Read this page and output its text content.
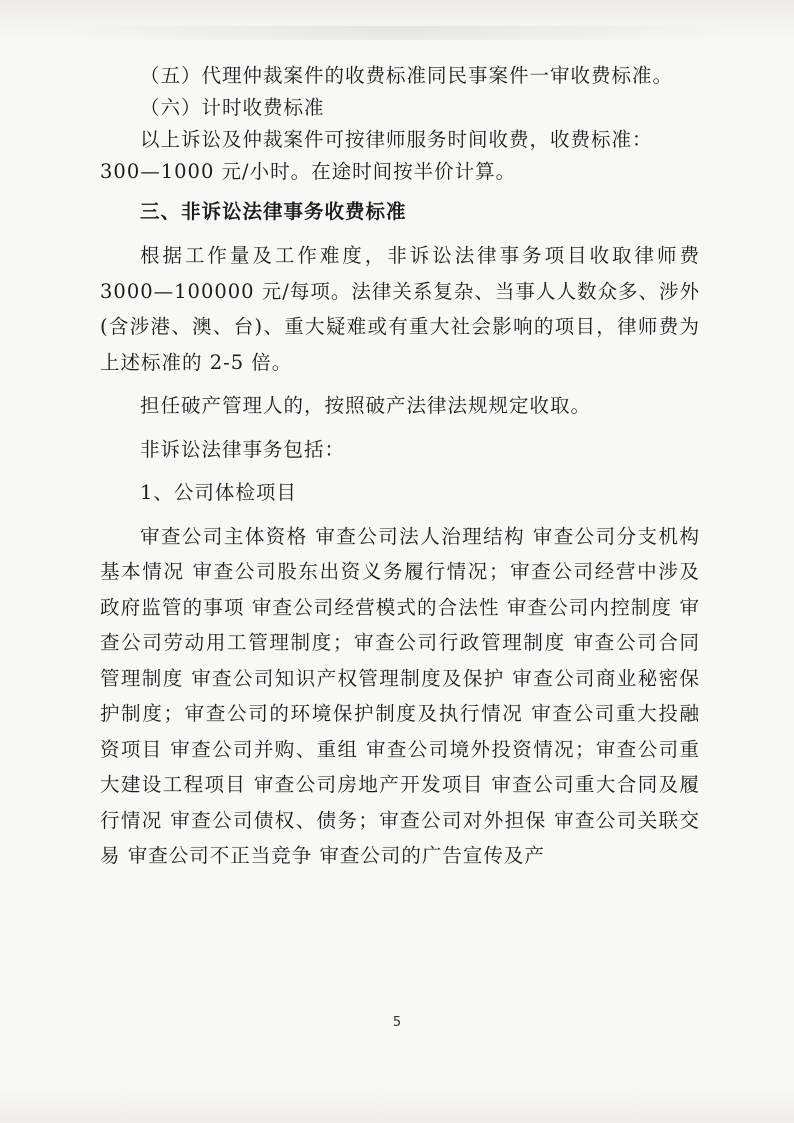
（五）代理仲裁案件的收费标准同民事案件一审收费标准。

（六）计时收费标准

以上诉讼及仲裁案件可按律师服务时间收费，收费标准：

300—1000 元/小时。在途时间按半价计算。

三、非诉讼法律事务收费标准

根据工作量及工作难度，非诉讼法律事务项目收取律师费 3000—100000 元/每项。法律关系复杂、当事人人数众多、涉外(含涉港、澳、台)、重大疑难或有重大社会影响的项目，律师费为上述标准的 2-5 倍。

担任破产管理人的，按照破产法律法规规定收取。

非诉讼法律事务包括：

1、公司体检项目

审查公司主体资格 审查公司法人治理结构 审查公司分支机构基本情况 审查公司股东出资义务履行情况；审查公司经营中涉及政府监管的事项 审查公司经营模式的合法性 审查公司内控制度 审查公司劳动用工管理制度；审查公司行政管理制度 审查公司合同管理制度 审查公司知识产权管理制度及保护 审查公司商业秘密保护制度；审查公司的环境保护制度及执行情况 审查公司重大投融资项目 审查公司并购、重组 审查公司境外投资情况；审查公司重大建设工程项目 审查公司房地产开发项目 审查公司重大合同及履行情况 审查公司债权、债务；审查公司对外担保 审查公司关联交易 审查公司不正当竞争 审查公司的广告宣传及产

5
